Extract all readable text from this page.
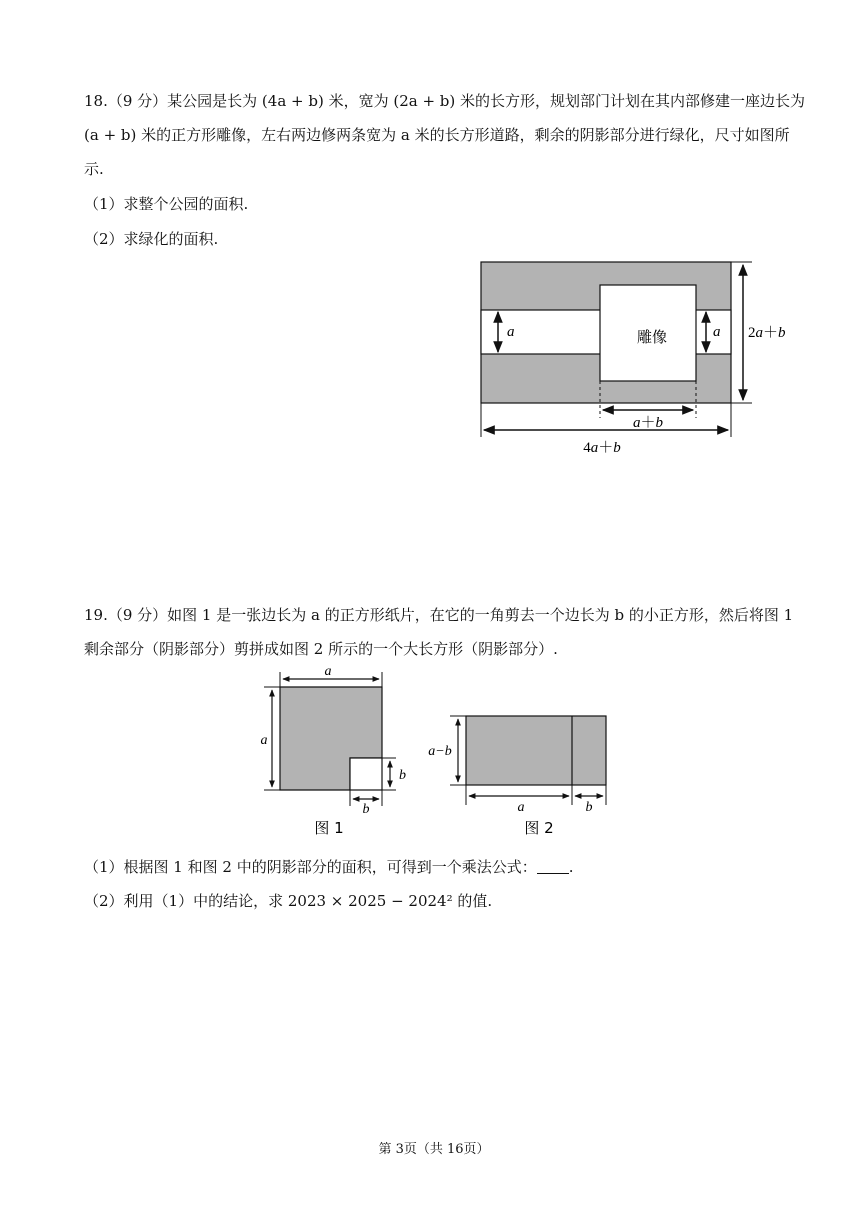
18.（9 分）某公园是长为 (4a + b) 米，宽为 (2a + b) 米的长方形，规划部门计划在其内部修建一座边长为
(a + b) 米的正方形雕像，左右两边修两条宽为 a 米的长方形道路，剩余的阴影部分进行绿化，尺寸如图所
示.
（1）求整个公园的面积.
（2）求绿化的面积.
雕像
a	a 2a＋b
a＋b
4a＋b
a
a
b
b
图 1
a−b
a	b
图 2
19.（9 分）如图 1 是一张边长为 a 的正方形纸片，在它的一角剪去一个边长为 b 的小正方形，然后将图 1
剩余部分（阴影部分）剪拼成如图 2 所示的一个大长方形（阴影部分）.
（1）根据图 1 和图 2 中的阴影部分的面积，可得到一个乘法公式： .
（2）利用（1）中的结论，求 2023 × 2025 − 2024² 的值.
第 3页（共 16页）
